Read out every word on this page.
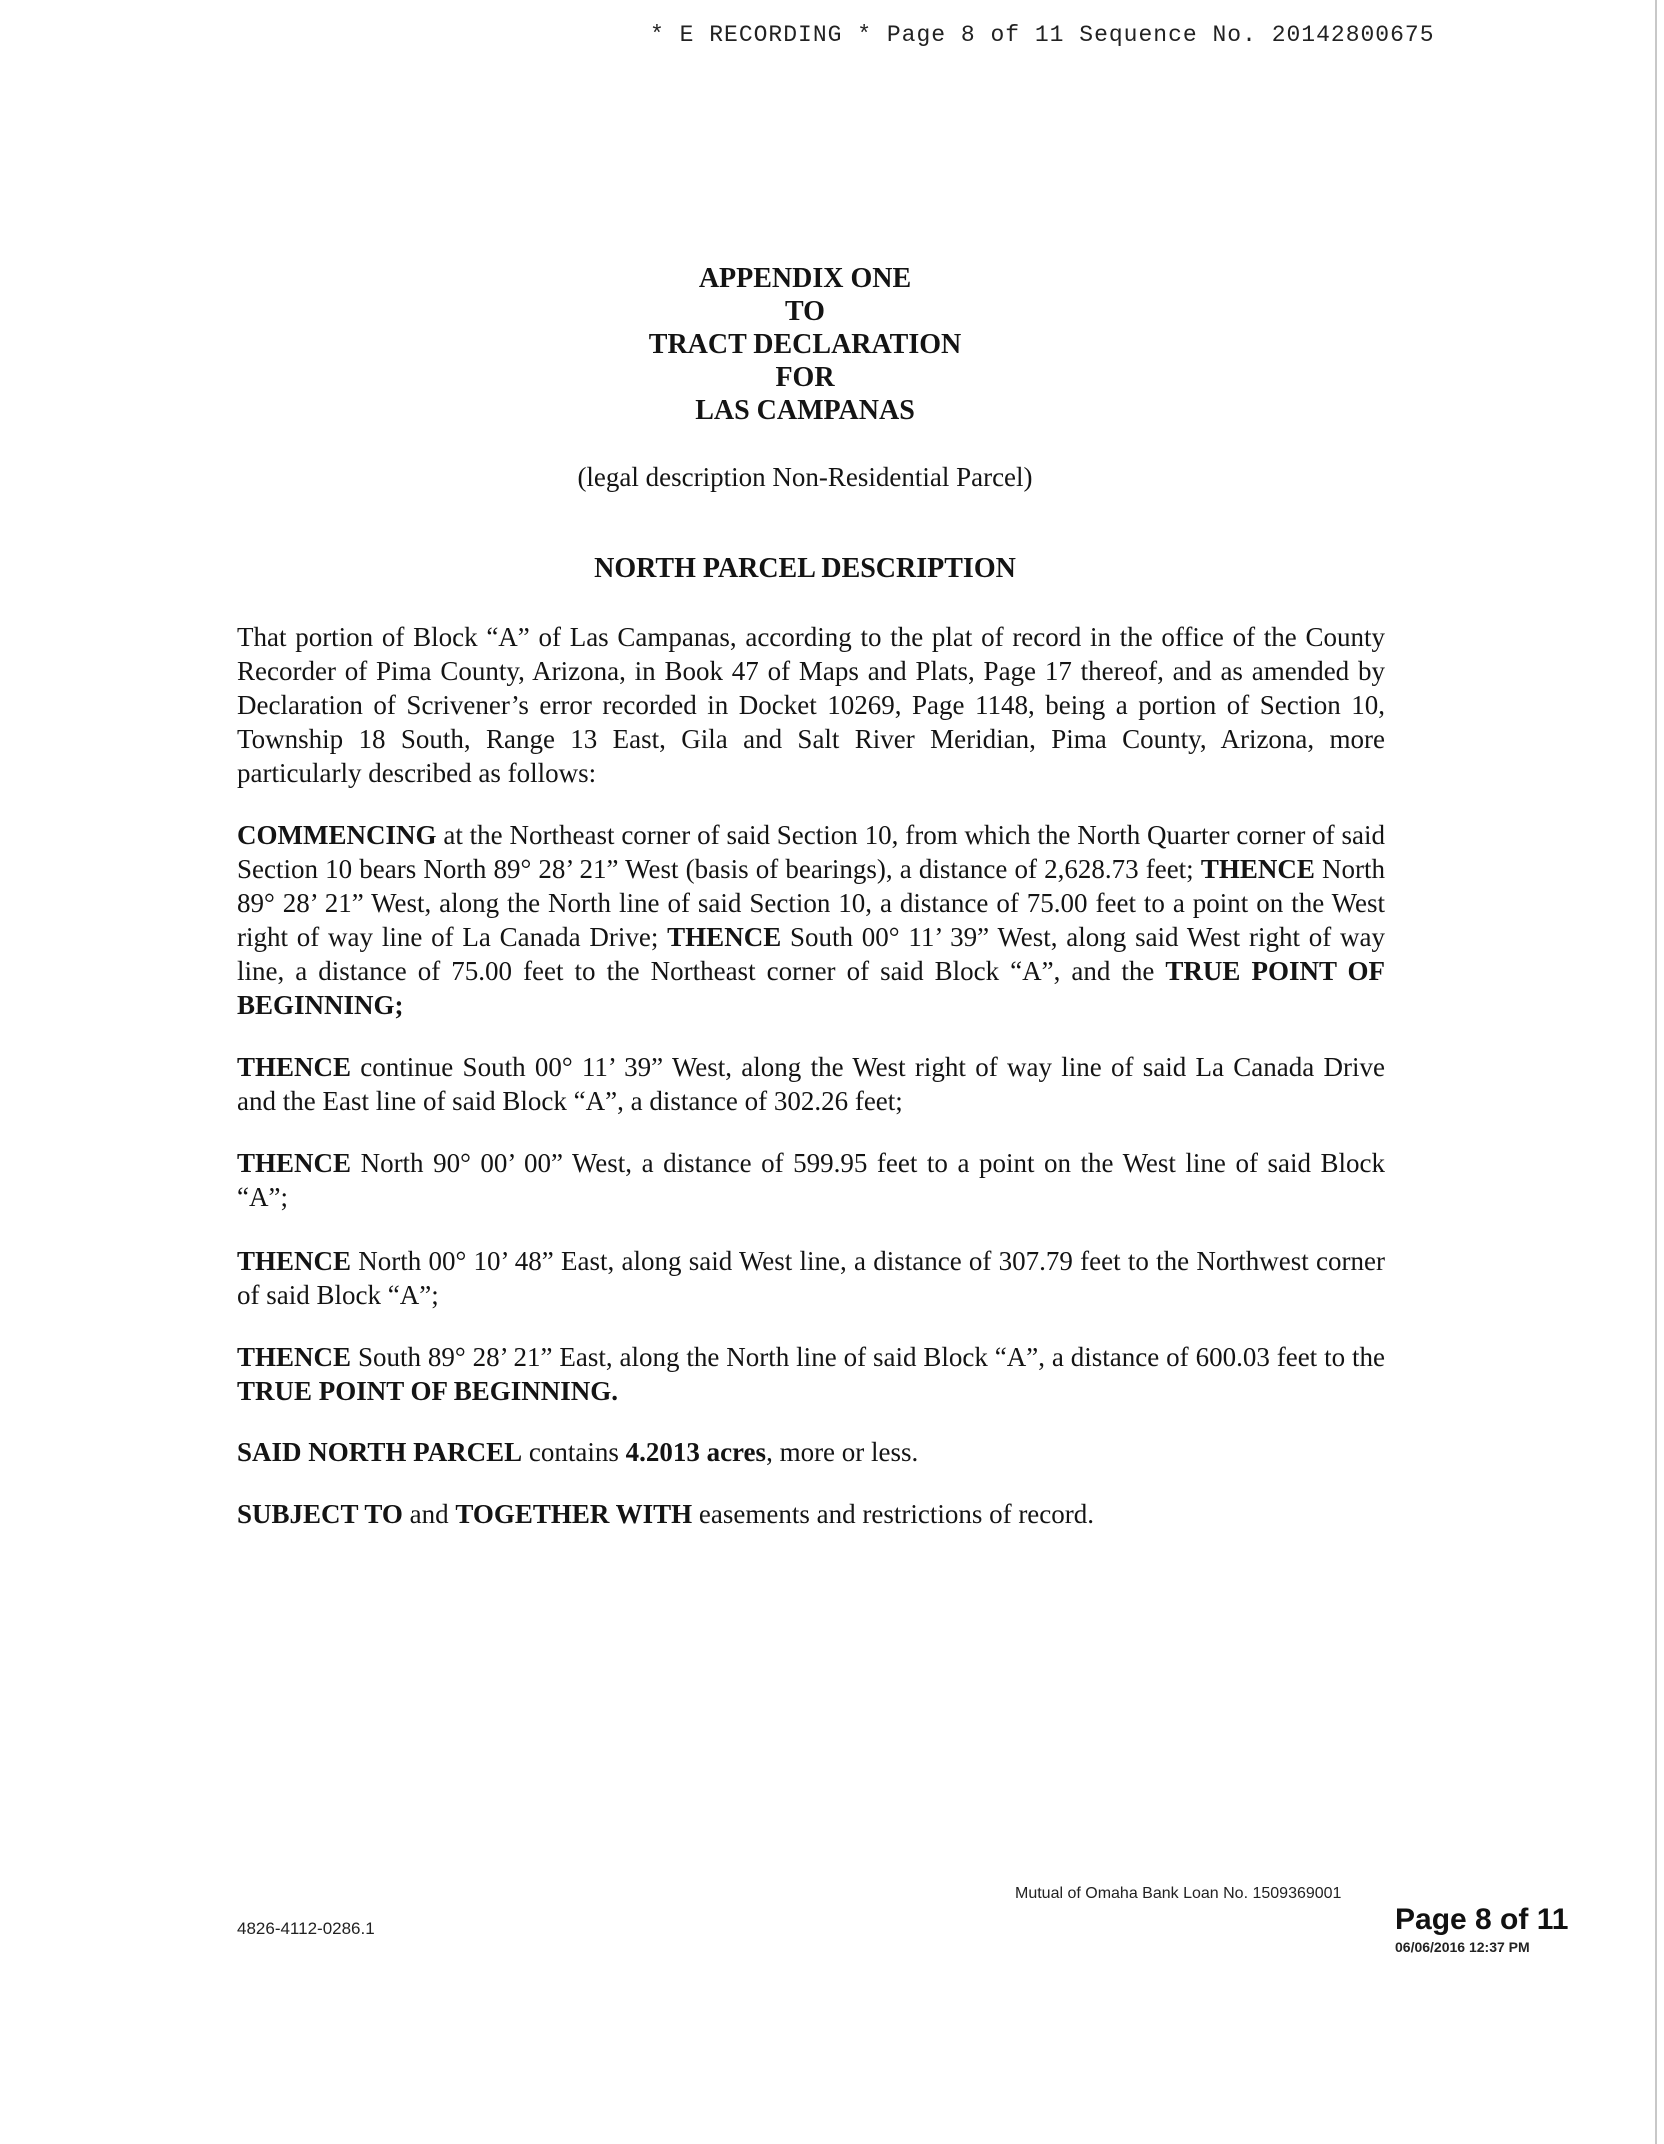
* E RECORDING * Page 8 of 11 Sequence No. 20142800675
APPENDIX ONE
TO
TRACT DECLARATION
FOR
LAS CAMPANAS
(legal description Non-Residential Parcel)
NORTH PARCEL DESCRIPTION
That portion of Block “A” of Las Campanas, according to the plat of record in the office of the County Recorder of Pima County, Arizona, in Book 47 of Maps and Plats, Page 17 thereof, and as amended by Declaration of Scrivener’s error recorded in Docket 10269, Page 1148, being a portion of Section 10, Township 18 South, Range 13 East, Gila and Salt River Meridian, Pima County, Arizona, more particularly described as follows:
COMMENCING at the Northeast corner of said Section 10, from which the North Quarter corner of said Section 10 bears North 89° 28’ 21” West (basis of bearings), a distance of 2,628.73 feet; THENCE North 89° 28’ 21” West, along the North line of said Section 10, a distance of 75.00 feet to a point on the West right of way line of La Canada Drive; THENCE South 00° 11’ 39” West, along said West right of way line, a distance of 75.00 feet to the Northeast corner of said Block “A”, and the TRUE POINT OF BEGINNING;
THENCE continue South 00° 11’ 39” West, along the West right of way line of said La Canada Drive and the East line of said Block “A”, a distance of 302.26 feet;
THENCE North 90° 00’ 00” West, a distance of 599.95 feet to a point on the West line of said Block “A”;
THENCE North 00° 10’ 48” East, along said West line, a distance of 307.79 feet to the Northwest corner of said Block “A”;
THENCE South 89° 28’ 21” East, along the North line of said Block “A”, a distance of 600.03 feet to the TRUE POINT OF BEGINNING.
SAID NORTH PARCEL contains 4.2013 acres, more or less.
SUBJECT TO and TOGETHER WITH easements and restrictions of record.
4826-4112-0286.1
Mutual of Omaha Bank Loan No. 1509369001
Page 8 of 11
06/06/2016 12:37 PM
